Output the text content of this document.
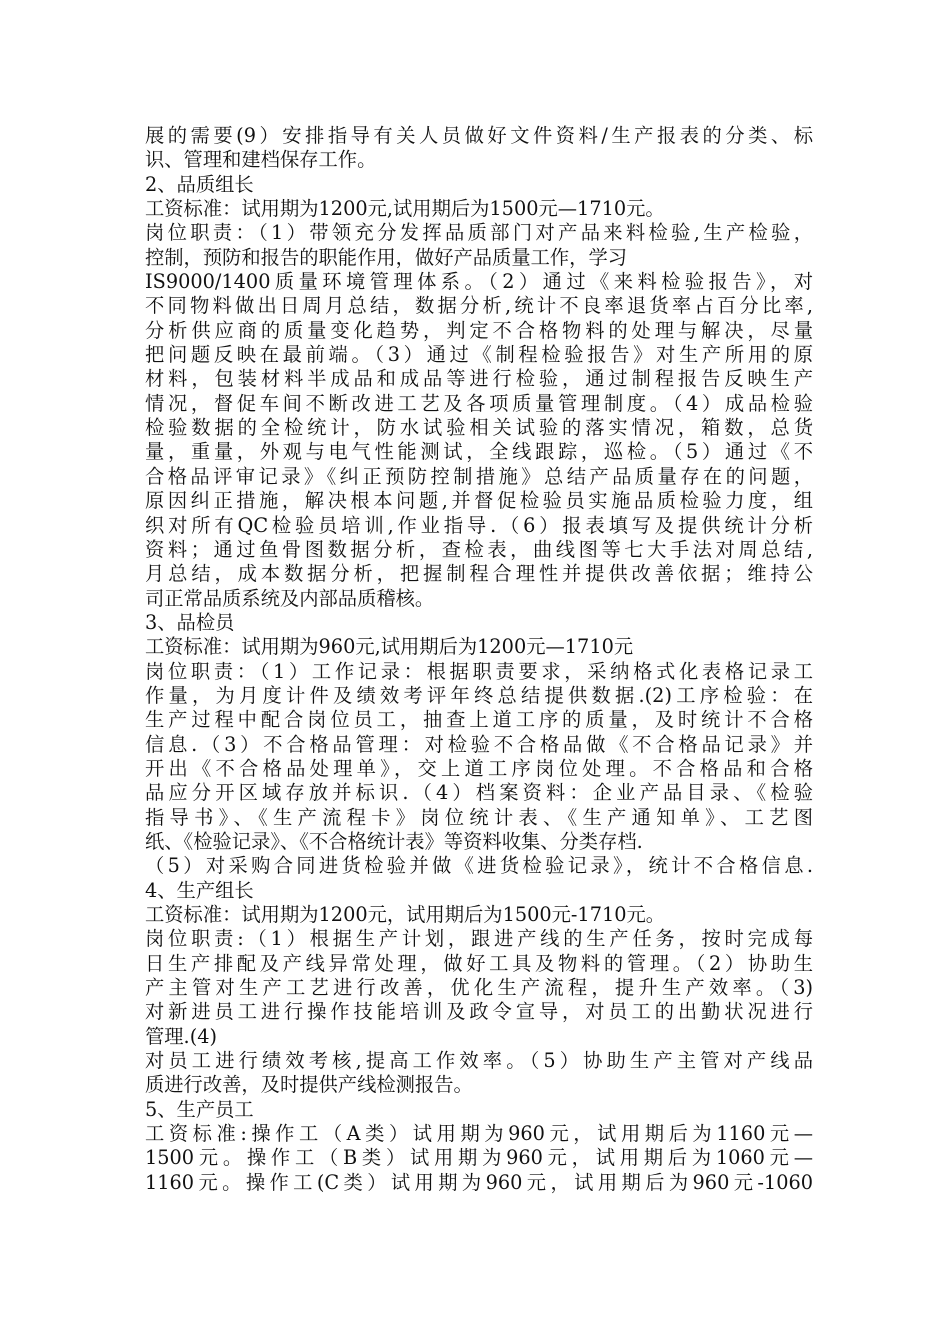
展的需要(9）安排指导有关人员做好文件资料/生产报表的分类、标
识、管理和建档保存工作。
2、品质组长
工资标准：试用期为1200元,试用期后为1500元—1710元。
岗位职责：（1）带领充分发挥品质部门对产品来料检验,生产检验，
控制，预防和报告的职能作用，做好产品质量工作，学习
IS9000/1400质量环境管理体系。（2）通过《来料检验报告》，对
不同物料做出日周月总结，数据分析,统计不良率退货率占百分比率,
分析供应商的质量变化趋势，判定不合格物料的处理与解决，尽量
把问题反映在最前端。（3）通过《制程检验报告》对生产所用的原
材料，包装材料半成品和成品等进行检验，通过制程报告反映生产
情况，督促车间不断改进工艺及各项质量管理制度。（4）成品检验
检验数据的全检统计，防水试验相关试验的落实情况，箱数，总货
量，重量，外观与电气性能测试，全线跟踪，巡检。（5）通过《不
合格品评审记录》《纠正预防控制措施》总结产品质量存在的问题，
原因纠正措施，解决根本问题,并督促检验员实施品质检验力度，组
织对所有QC检验员培训,作业指导.（6）报表填写及提供统计分析
资料；通过鱼骨图数据分析，查检表，曲线图等七大手法对周总结,
月总结，成本数据分析，把握制程合理性并提供改善依据；维持公
司正常品质系统及内部品质稽核。
3、品检员
工资标准：试用期为960元,试用期后为1200元—1710元
岗位职责：（1）工作记录：根据职责要求，采纳格式化表格记录工
作量，为月度计件及绩效考评年终总结提供数据.(2)工序检验：在
生产过程中配合岗位员工，抽查上道工序的质量，及时统计不合格
信息.（3）不合格品管理：对检验不合格品做《不合格品记录》并
开出《不合格品处理单》，交上道工序岗位处理。不合格品和合格
品应分开区域存放并标识.（4）档案资料：企业产品目录、《检验
指导书》、《生产流程卡》岗位统计表、《生产通知单》、工艺图
纸、《检验记录》、《不合格统计表》等资料收集、分类存档.
（5）对采购合同进货检验并做《进货检验记录》，统计不合格信息.
4、生产组长
工资标准：试用期为1200元，试用期后为1500元-1710元。
岗位职责:（1）根据生产计划，跟进产线的生产任务，按时完成每
日生产排配及产线异常处理，做好工具及物料的管理。（2）协助生
产主管对生产工艺进行改善，优化生产流程，提升生产效率。（3)
对新进员工进行操作技能培训及政令宣导，对员工的出勤状况进行
管理.(4)
对员工进行绩效考核,提高工作效率。（5）协助生产主管对产线品
质进行改善，及时提供产线检测报告。
5、生产员工
工资标准:操作工（A类）试用期为960元，试用期后为1160元—
1500元。操作工（B类）试用期为960元，试用期后为1060元—
1160元。操作工(C类）试用期为960元，试用期后为960元-1060
